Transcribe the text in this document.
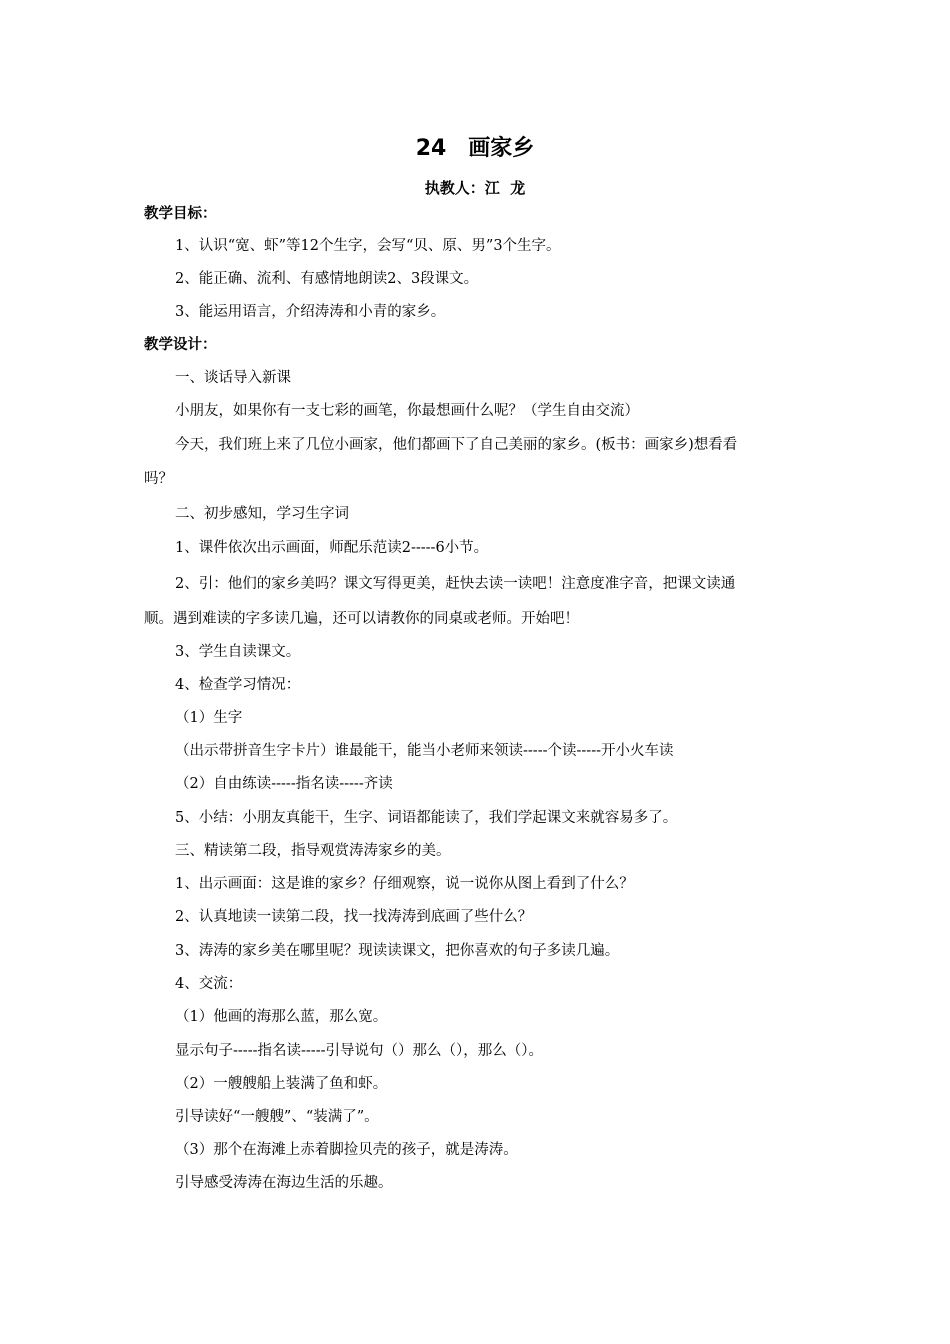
24　画家乡
执教人：江  龙
教学目标：
1、认识“宽、虾”等12个生字，会写“贝、原、男”3个生字。
2、能正确、流利、有感情地朗读2、3段课文。
3、能运用语言，介绍涛涛和小青的家乡。
教学设计：
一、谈话导入新课
小朋友，如果你有一支七彩的画笔，你最想画什么呢？（学生自由交流）
今天，我们班上来了几位小画家，他们都画下了自己美丽的家乡。(板书：画家乡)想看看
吗？
二、初步感知，学习生字词
1、课件依次出示画面，师配乐范读2-----6小节。
2、引：他们的家乡美吗？课文写得更美，赶快去读一读吧！注意度准字音，把课文读通
顺。遇到难读的字多读几遍，还可以请教你的同桌或老师。开始吧！
3、学生自读课文。
4、检查学习情况：
（1）生字
（出示带拼音生字卡片）谁最能干，能当小老师来领读-----个读-----开小火车读
（2）自由练读-----指名读-----齐读
5、小结：小朋友真能干，生字、词语都能读了，我们学起课文来就容易多了。
三、精读第二段，指导观赏涛涛家乡的美。
1、出示画面：这是谁的家乡？仔细观察，说一说你从图上看到了什么？
2、认真地读一读第二段，找一找涛涛到底画了些什么？
3、涛涛的家乡美在哪里呢？现读读课文，把你喜欢的句子多读几遍。
4、交流：
（1）他画的海那么蓝，那么宽。
显示句子-----指名读-----引导说句（）那么（），那么（）。
（2）一艘艘船上装满了鱼和虾。
引导读好“一艘艘”、“装满了”。
（3）那个在海滩上赤着脚捡贝壳的孩子，就是涛涛。
引导感受涛涛在海边生活的乐趣。
